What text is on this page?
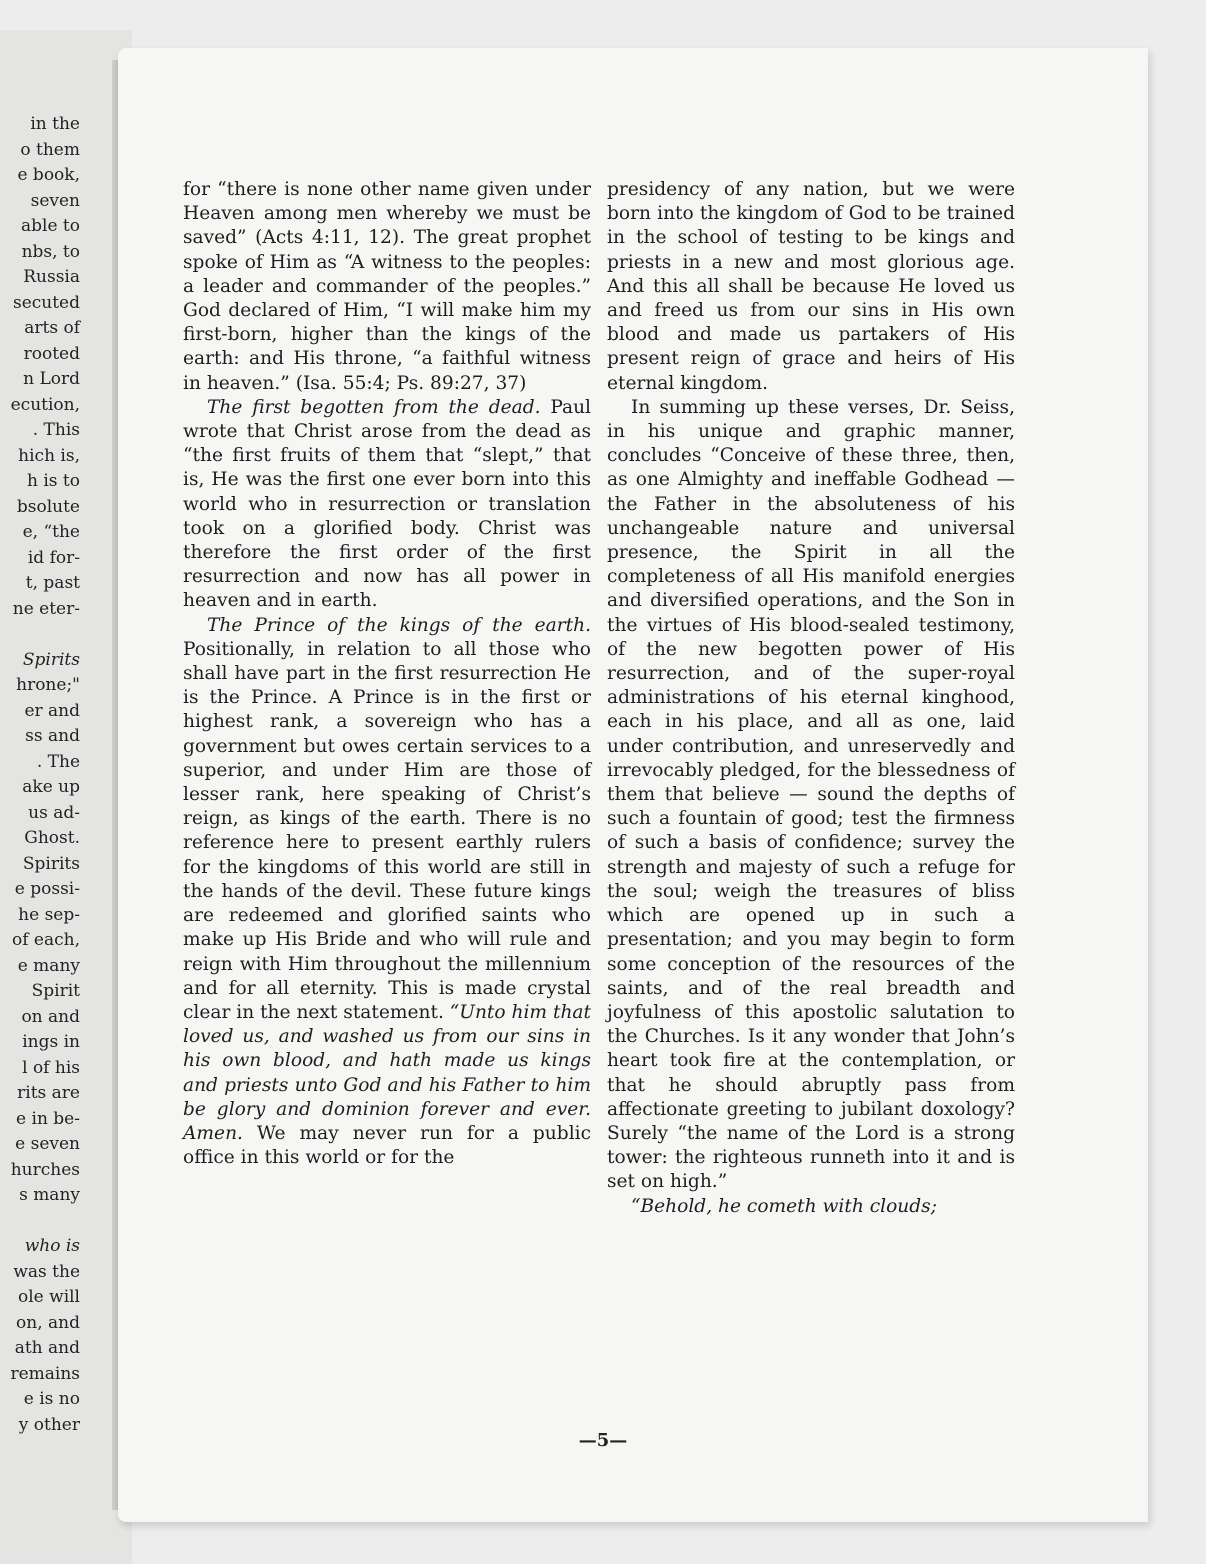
in the
o them
e book,
seven
able to
nbs, to
Russia
secuted
arts of
rooted
n Lord
ecution,
. This
hich is,
h is to
bsolute
e, “the
id for-
t, past
ne eter-
Spirits
hrone;"
er and
ss and
. The
ake up
us ad-
Ghost.
Spirits
e possi-
he sep-
of each,
e many
Spirit
on and
ings in
l of his
rits are
e in be-
e seven
hurches
s many
who is
was the
ole will
on, and
ath and
remains
e is no
y other

for “there is none other name given under Heaven among men whereby we must be saved” (Acts 4:11, 12). The great prophet spoke of Him as “A witness to the peoples: a leader and commander of the peoples.” God declared of Him, “I will make him my first-born, higher than the kings of the earth: and His throne, “a faithful witness in heaven.” (Isa. 55:4; Ps. 89:27, 37)

The first begotten from the dead. Paul wrote that Christ arose from the dead as “the first fruits of them that “slept,” that is, He was the first one ever born into this world who in resurrection or translation took on a glorified body. Christ was therefore the first order of the first resurrection and now has all power in heaven and in earth.

The Prince of the kings of the earth. Positionally, in relation to all those who shall have part in the first resurrection He is the Prince. A Prince is in the first or highest rank, a sovereign who has a government but owes certain services to a superior, and under Him are those of lesser rank, here speaking of Christ’s reign, as kings of the earth. There is no reference here to present earthly rulers for the kingdoms of this world are still in the hands of the devil. These future kings are redeemed and glorified saints who make up His Bride and who will rule and reign with Him throughout the millennium and for all eternity. This is made crystal clear in the next statement. “Unto him that loved us, and washed us from our sins in his own blood, and hath made us kings and priests unto God and his Father to him be glory and dominion forever and ever. Amen. We may never run for a public office in this world or for the

presidency of any nation, but we were born into the kingdom of God to be trained in the school of testing to be kings and priests in a new and most glorious age. And this all shall be because He loved us and freed us from our sins in His own blood and made us partakers of His present reign of grace and heirs of His eternal kingdom.

In summing up these verses, Dr. Seiss, in his unique and graphic manner, concludes “Conceive of these three, then, as one Almighty and ineffable Godhead — the Father in the absoluteness of his unchangeable nature and universal presence, the Spirit in all the completeness of all His manifold energies and diversified operations, and the Son in the virtues of His blood-sealed testimony, of the new begotten power of His resurrection, and of the super-royal administrations of his eternal kinghood, each in his place, and all as one, laid under contribution, and unreservedly and irrevocably pledged, for the blessedness of them that believe — sound the depths of such a fountain of good; test the firmness of such a basis of confidence; survey the strength and majesty of such a refuge for the soul; weigh the treasures of bliss which are opened up in such a presentation; and you may begin to form some conception of the resources of the saints, and of the real breadth and joyfulness of this apostolic salutation to the Churches. Is it any wonder that John’s heart took fire at the contemplation, or that he should abruptly pass from affectionate greeting to jubilant doxology? Surely “the name of the Lord is a strong tower: the righteous runneth into it and is set on high.”

“Behold, he cometh with clouds;

—5—
